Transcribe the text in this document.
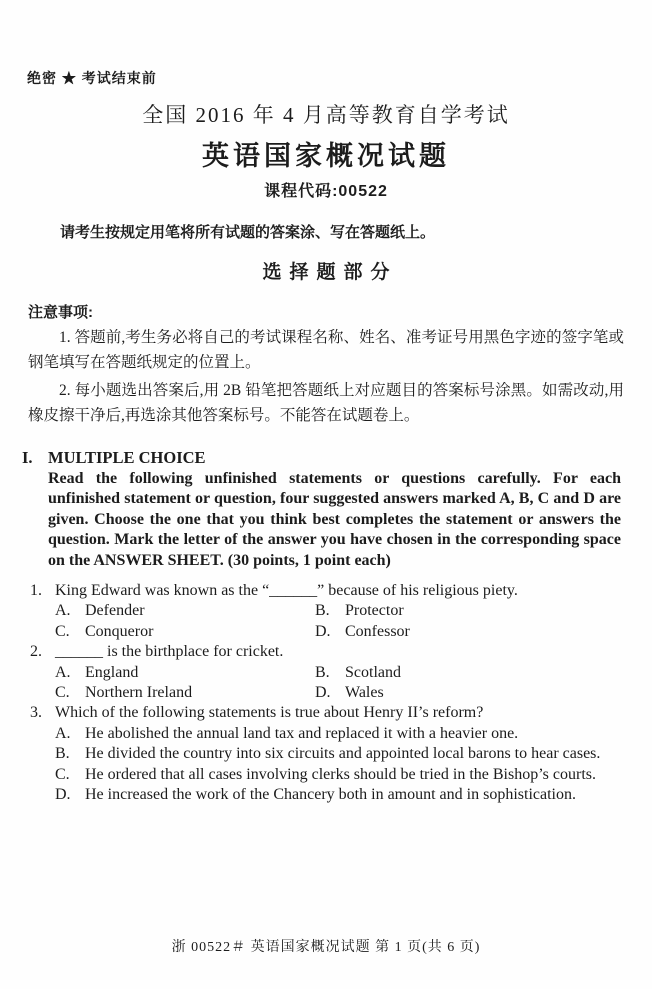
绝密 ★ 考试结束前
全国 2016 年 4 月高等教育自学考试
英语国家概况试题
课程代码:00522

请考生按规定用笔将所有试题的答案涂、写在答题纸上。

选择题部分
注意事项:

1. 答题前,考生务必将自己的考试课程名称、姓名、准考证号用黑色字迹的签字笔或钢笔填写在答题纸规定的位置上。

2. 每小题选出答案后,用 2B 铅笔把答题纸上对应题目的答案标号涂黑。如需改动,用橡皮擦干净后,再选涂其他答案标号。不能答在试题卷上。

I. MULTIPLE CHOICE

Read the following unfinished statements or questions carefully. For each unfinished statement or question, four suggested answers marked A, B, C and D are given. Choose the one that you think best completes the statement or answers the question. Mark the letter of the answer you have chosen in the corresponding space on the ANSWER SHEET. (30 points, 1 point each)

1. King Edward was known as the “______” because of his religious piety.
A. Defender	B. Protector
C. Conqueror	D. Confessor
2. ______ is the birthplace for cricket.
A. England	B. Scotland
C. Northern Ireland	D. Wales
3. Which of the following statements is true about Henry II’s reform?
A. He abolished the annual land tax and replaced it with a heavier one.
B. He divided the country into six circuits and appointed local barons to hear cases.
C. He ordered that all cases involving clerks should be tried in the Bishop’s courts.
D. He increased the work of the Chancery both in amount and in sophistication.
浙 00522＃ 英语国家概况试题 第 1 页(共 6 页)
